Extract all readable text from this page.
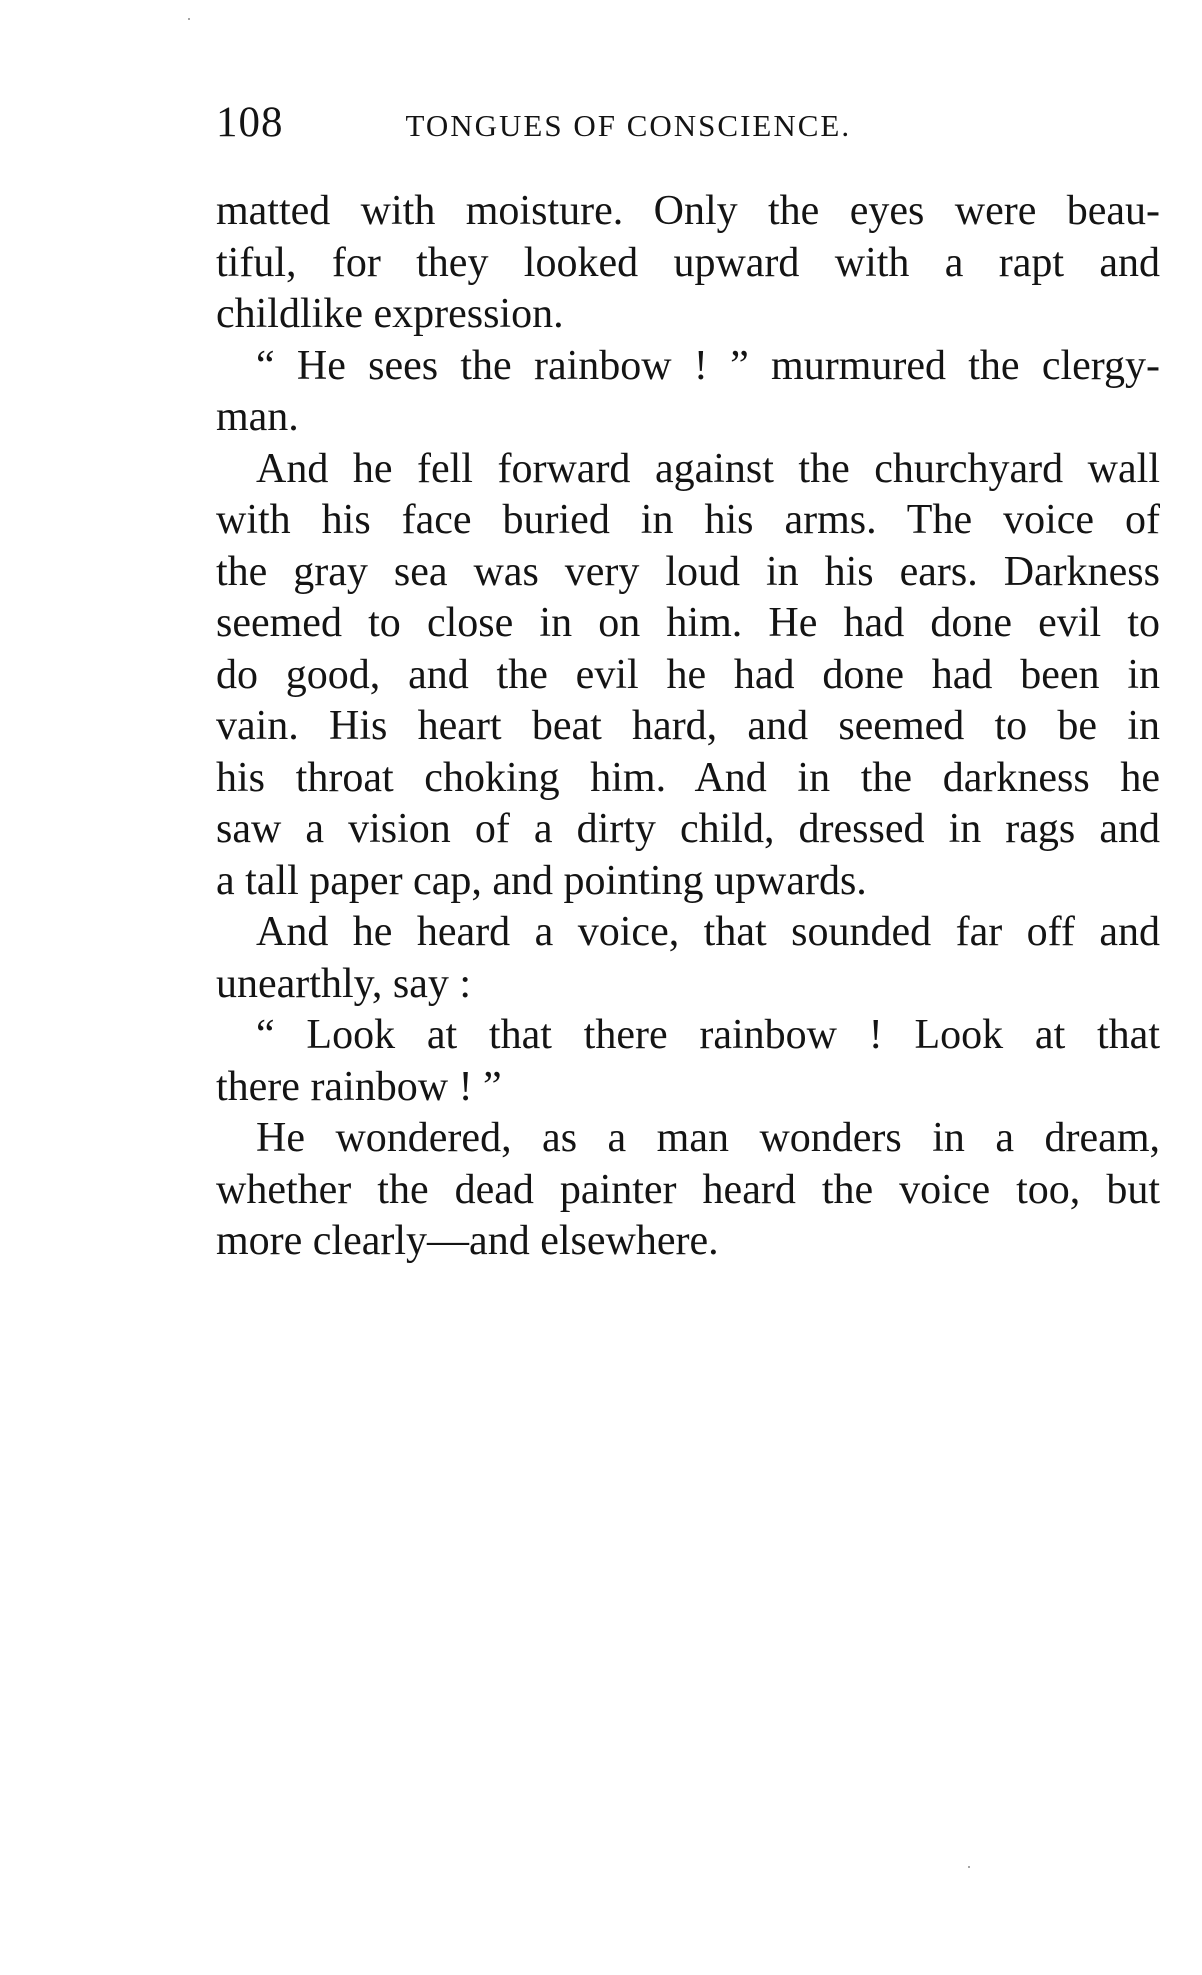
108	TONGUES OF CONSCIENCE.

matted with moisture. Only the eyes were beau-
tiful, for they looked upward with a rapt and
childlike expression.

“ He sees the rainbow ! ” murmured the clergy-
man.

And he fell forward against the churchyard wall
with his face buried in his arms. The voice of
the gray sea was very loud in his ears. Darkness
seemed to close in on him. He had done evil to
do good, and the evil he had done had been in
vain. His heart beat hard, and seemed to be in
his throat choking him. And in the darkness he
saw a vision of a dirty child, dressed in rags and
a tall paper cap, and pointing upwards.

And he heard a voice, that sounded far off and
unearthly, say :

“ Look at that there rainbow ! Look at that
there rainbow ! ”

He wondered, as a man wonders in a dream,
whether the dead painter heard the voice too, but
more clearly—and elsewhere.
